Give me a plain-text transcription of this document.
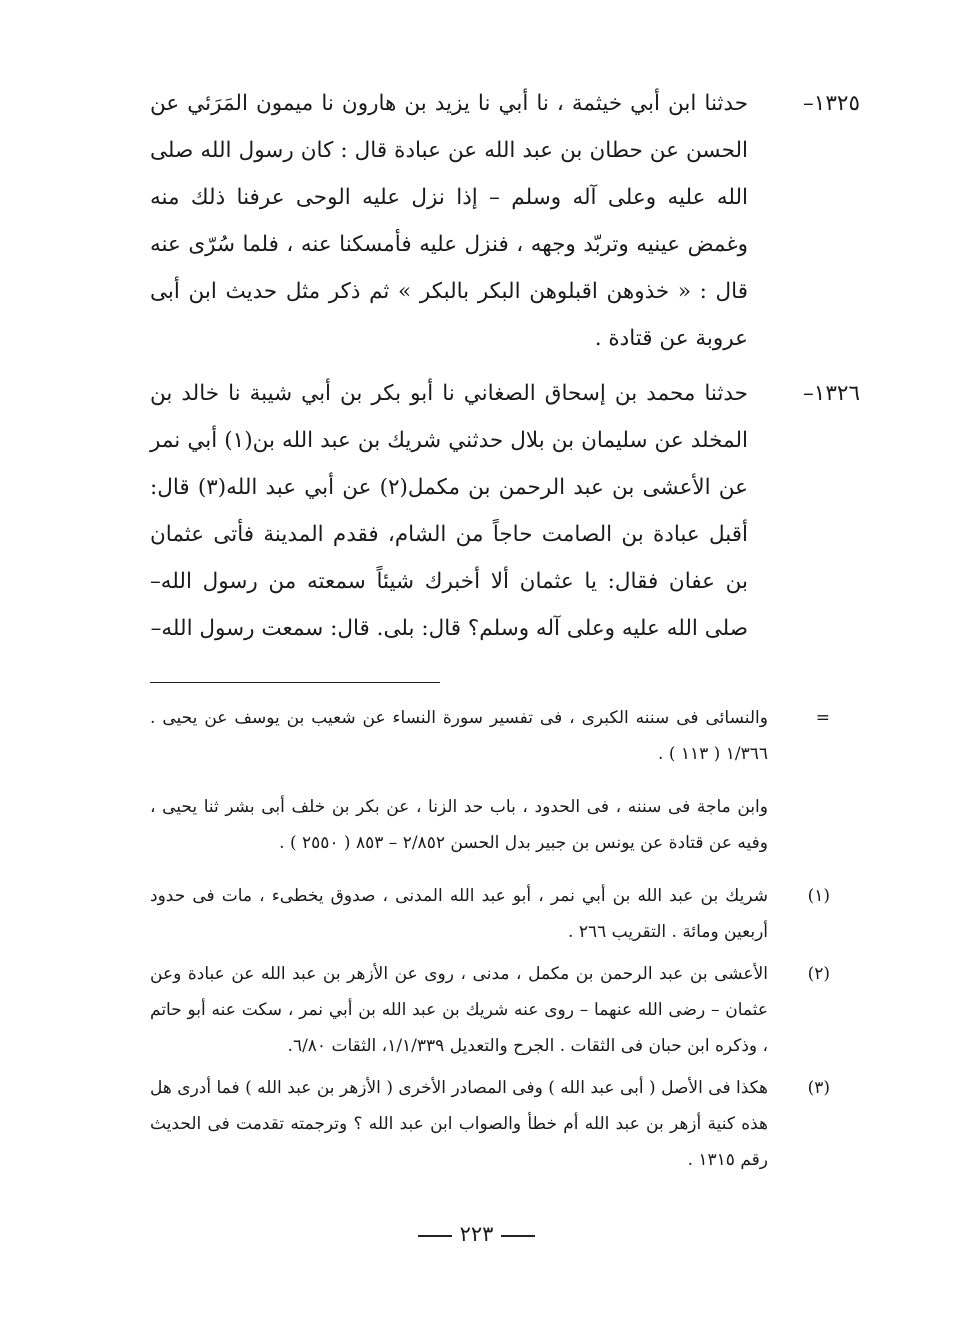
١٣٢٥–

حدثنا ابن أبي خيثمة ، نا أبي نا يزيد بن هارون نا ميمون المَرَئي عن الحسن عن حطان بن عبد الله عن عبادة قال : كان رسول الله صلى الله عليه وعلى آله وسلم – إذا نزل عليه الوحى عرفنا ذلك منه وغمض عينيه وتربّد وجهه ، فنزل عليه فأمسكنا عنه ، فلما سُرّى عنه قال : « خذوهن اقبلوهن البكر بالبكر » ثم ذكر مثل حديث ابن أبى عروبة عن قتادة .

١٣٢٦–

حدثنا محمد بن إسحاق الصغاني نا أبو بكر بن أبي شيبة نا خالد بن المخلد عن سليمان بن بلال حدثني شريك بن عبد الله بن(١) أبي نمر عن الأعشى بن عبد الرحمن بن مكمل(٢) عن أبي عبد الله(٣) قال: أقبل عبادة بن الصامت حاجاً من الشام، فقدم المدينة فأتى عثمان بن عفان فقال: يا عثمان ألا أخبرك شيئاً سمعته من رسول الله– صلى الله عليه وعلى آله وسلم؟ قال: بلى. قال: سمعت رسول الله–

=

والنسائى فى سننه الكبرى ، فى تفسير سورة النساء عن شعيب بن يوسف عن يحيى . ١/٣٦٦ ( ١١٣ ) .

وابن ماجة فى سننه ، فى الحدود ، باب حد الزنا ، عن بكر بن خلف أبى بشر ثنا يحيى ، وفيه عن قتادة عن يونس بن جبير بدل الحسن ٢/٨٥٢ – ٨٥٣ ( ٢٥٥٠ ) .

(١)

شريك بن عبد الله بن أبي نمر ، أبو عبد الله المدنى ، صدوق يخطىء ، مات فى حدود أربعين ومائة . التقريب ٢٦٦ .

(٢)

الأعشى بن عبد الرحمن بن مكمل ، مدنى ، روى عن الأزهر بن عبد الله عن عبادة وعن عثمان – رضى الله عنهما – روى عنه شريك بن عبد الله بن أبي نمر ، سكت عنه أبو حاتم ، وذكره ابن حبان فى الثقات . الجرح والتعديل ١/١/٣٣٩، الثقات ٦/٨٠.

(٣)

هكذا فى الأصل ( أبى عبد الله ) وفى المصادر الأخرى ( الأزهر بن عبد الله ) فما أدرى هل هذه كنية أزهر بن عبد الله أم خطأ والصواب ابن عبد الله ؟ وترجمته تقدمت فى الحديث رقم ١٣١٥ .

٢٢٣
